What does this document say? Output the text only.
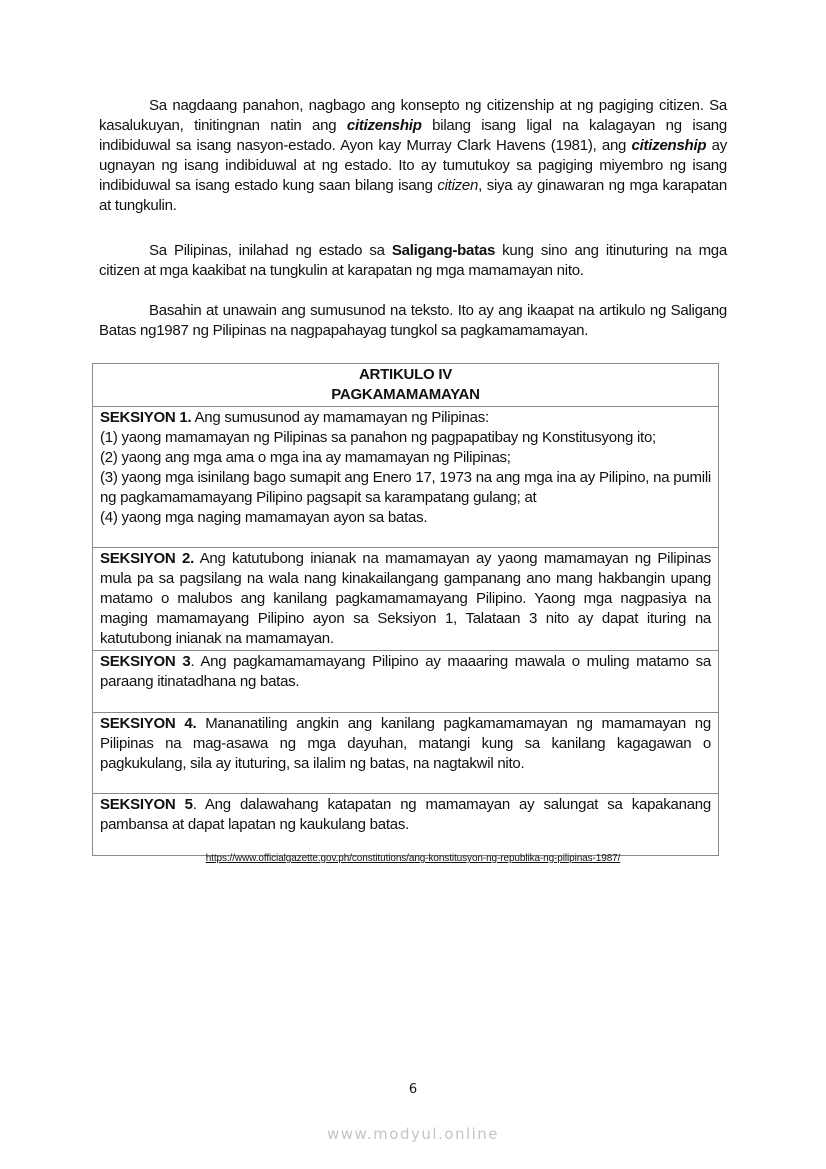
Sa nagdaang panahon, nagbago ang konsepto ng citizenship at ng pagiging citizen. Sa kasalukuyan, tinitingnan natin ang citizenship bilang isang ligal na kalagayan ng isang indibiduwal sa isang nasyon-estado. Ayon kay Murray Clark Havens (1981), ang citizenship ay ugnayan ng isang indibiduwal at ng estado. Ito ay tumutukoy sa pagiging miyembro ng isang indibiduwal sa isang estado kung saan bilang isang citizen, siya ay ginawaran ng mga karapatan at tungkulin.

Sa Pilipinas, inilahad ng estado sa Saligang-batas kung sino ang itinuturing na mga citizen at mga kaakibat na tungkulin at karapatan ng mga mamamayan nito.

Basahin at unawain ang sumusunod na teksto. Ito ay ang ikaapat na artikulo ng Saligang Batas ng1987 ng Pilipinas na nagpapahayag tungkol sa pagkamamamayan.

ARTIKULO IV
PAGKAMAMAMAYAN

SEKSIYON 1. Ang sumusunod ay mamamayan ng Pilipinas:
(1) yaong mamamayan ng Pilipinas sa panahon ng pagpapatibay ng Konstitusyong ito;
(2) yaong ang mga ama o mga ina ay mamamayan ng Pilipinas;
(3) yaong mga isinilang bago sumapit ang Enero 17, 1973 na ang mga ina ay Pilipino, na pumili ng pagkamamamayang Pilipino pagsapit sa karampatang gulang; at
(4) yaong mga naging mamamayan ayon sa batas.

SEKSIYON 2. Ang katutubong inianak na mamamayan ay yaong mamamayan ng Pilipinas mula pa sa pagsilang na wala nang kinakailangang gampanang ano mang hakbangin upang matamo o malubos ang kanilang pagkamamamayang Pilipino. Yaong mga nagpasiya na maging mamamayang Pilipino ayon sa Seksiyon 1, Talataan 3 nito ay dapat ituring na katutubong inianak na mamamayan.
SEKSIYON 3. Ang pagkamamamayang Pilipino ay maaaring mawala o muling matamo sa paraang itinatadhana ng batas.
SEKSIYON 4. Mananatiling angkin ang kanilang pagkamamamayan ng mamamayan ng Pilipinas na mag-asawa ng mga dayuhan, matangi kung sa kanilang kagagawan o pagkukulang, sila ay ituturing, sa ilalim ng batas, na nagtakwil nito.
SEKSIYON 5. Ang dalawahang katapatan ng mamamayan ay salungat sa kapakanang pambansa at dapat lapatan ng kaukulang batas.
https://www.officialgazette.gov.ph/constitutions/ang-konstitusyon-ng-republika-ng-pilipinas-1987/
6
www.modyul.online
